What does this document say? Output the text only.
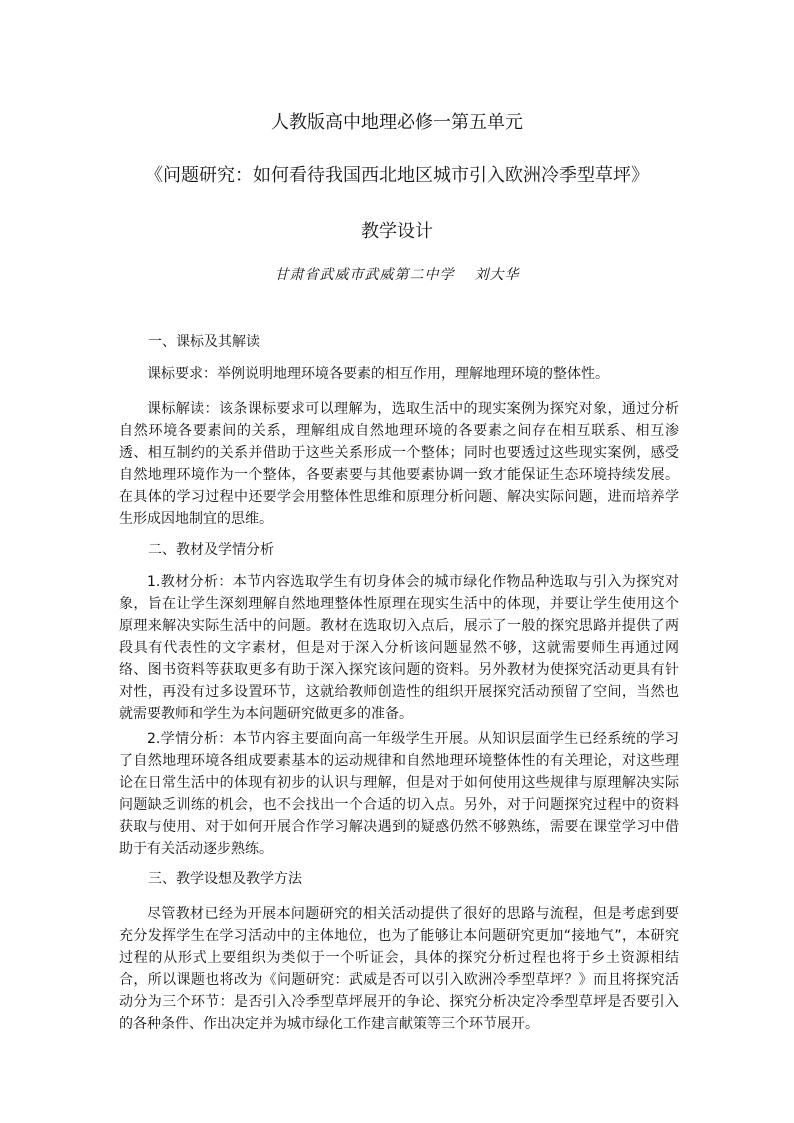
人教版高中地理必修一第五单元
《问题研究：如何看待我国西北地区城市引入欧洲冷季型草坪》
教学设计
甘肃省武威市武威第二中学 刘大华
一、课标及其解读
课标要求：举例说明地理环境各要素的相互作用，理解地理环境的整体性。
课标解读：该条课标要求可以理解为，选取生活中的现实案例为探究对象，通过分析
自然环境各要素间的关系，理解组成自然地理环境的各要素之间存在相互联系、相互渗
透、相互制约的关系并借助于这些关系形成一个整体；同时也要透过这些现实案例，感受
自然地理环境作为一个整体，各要素要与其他要素协调一致才能保证生态环境持续发展。
在具体的学习过程中还要学会用整体性思维和原理分析问题、解决实际问题，进而培养学
生形成因地制宜的思维。
二、教材及学情分析
1.教材分析：本节内容选取学生有切身体会的城市绿化作物品种选取与引入为探究对
象，旨在让学生深刻理解自然地理整体性原理在现实生活中的体现，并要让学生使用这个
原理来解决实际生活中的问题。教材在选取切入点后，展示了一般的探究思路并提供了两
段具有代表性的文字素材，但是对于深入分析该问题显然不够，这就需要师生再通过网
络、图书资料等获取更多有助于深入探究该问题的资料。另外教材为使探究活动更具有针
对性，再没有过多设置环节，这就给教师创造性的组织开展探究活动预留了空间，当然也
就需要教师和学生为本问题研究做更多的准备。
2.学情分析：本节内容主要面向高一年级学生开展。从知识层面学生已经系统的学习
了自然地理环境各组成要素基本的运动规律和自然地理环境整体性的有关理论，对这些理
论在日常生活中的体现有初步的认识与理解，但是对于如何使用这些规律与原理解决实际
问题缺乏训练的机会，也不会找出一个合适的切入点。另外，对于问题探究过程中的资料
获取与使用、对于如何开展合作学习解决遇到的疑惑仍然不够熟练，需要在课堂学习中借
助于有关活动逐步熟练。
三、教学设想及教学方法
尽管教材已经为开展本问题研究的相关活动提供了很好的思路与流程，但是考虑到要
充分发挥学生在学习活动中的主体地位，也为了能够让本问题研究更加“接地气”，本研究
过程的从形式上要组织为类似于一个听证会，具体的探究分析过程也将于乡土资源相结
合，所以课题也将改为《问题研究：武威是否可以引入欧洲冷季型草坪？》而且将探究活
动分为三个环节：是否引入冷季型草坪展开的争论、探究分析决定冷季型草坪是否要引入
的各种条件、作出决定并为城市绿化工作建言献策等三个环节展开。
